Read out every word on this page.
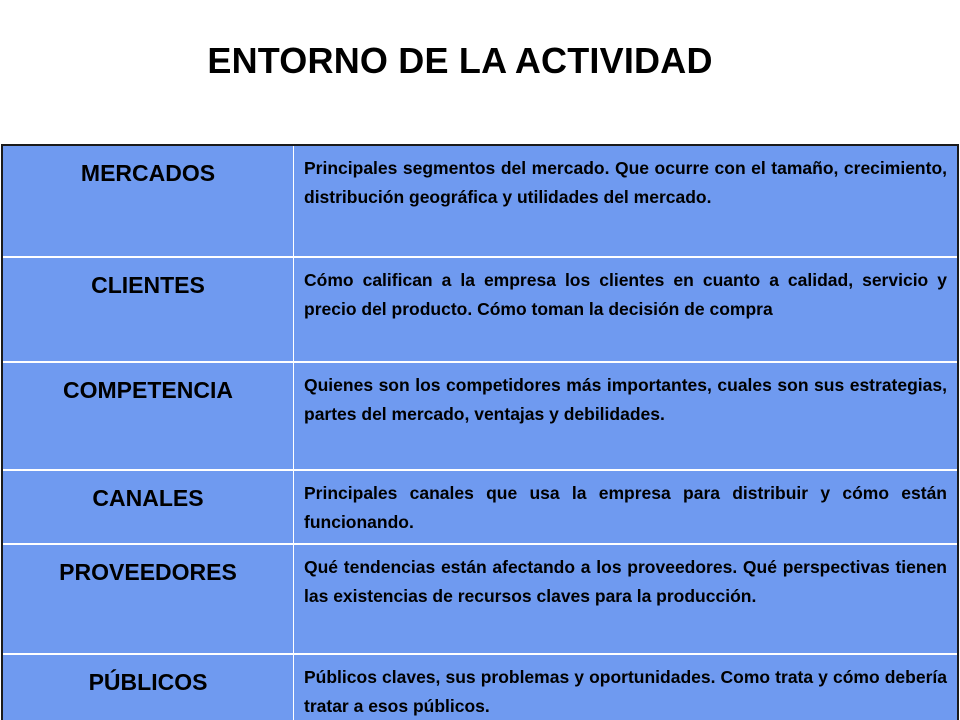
ENTORNO DE LA ACTIVIDAD
MERCADOS	Principales segmentos del mercado. Que ocurre con el tamaño, crecimiento, distribución geográfica y utilidades del mercado.
CLIENTES	Cómo califican a la empresa los clientes en cuanto a calidad, servicio y precio del producto. Cómo toman la decisión de compra
COMPETENCIA	Quienes son los competidores más importantes, cuales son sus estrategias, partes del mercado, ventajas y debilidades.
CANALES	Principales canales que usa la empresa para distribuir y cómo están funcionando.
PROVEEDORES	Qué tendencias están afectando a los proveedores. Qué perspectivas tienen las existencias de recursos claves para la producción.
PÚBLICOS	Públicos claves, sus problemas y oportunidades. Como trata y cómo debería tratar a esos públicos.
